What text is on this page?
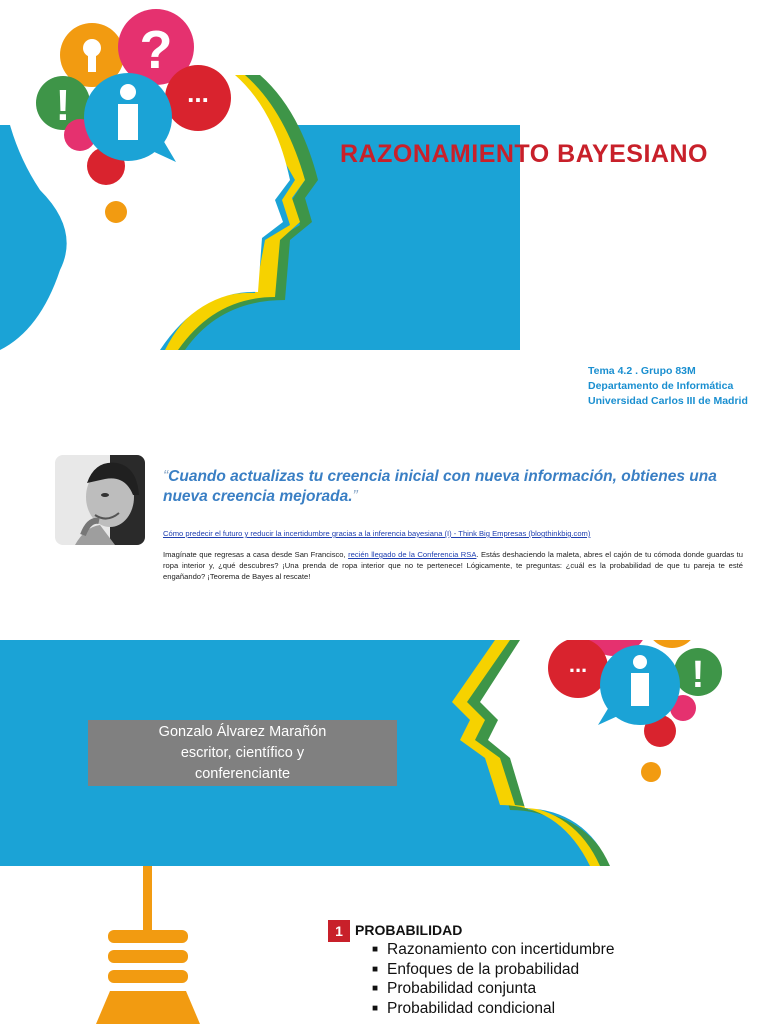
?
!	...
RAZONAMIENTO BAYESIANO
Tema 4.2 . Grupo 83M
Departamento de Informática
Universidad Carlos III de Madrid
“Cuando actualizas tu creencia inicial con nueva información, obtienes una nueva creencia mejorada.”
Cómo predecir el futuro y reducir la incertidumbre gracias a la inferencia bayesiana (I) - Think Big Empresas (blogthinkbig.com)
Imagínate que regresas a casa desde San Francisco, recién llegado de la Conferencia RSA. Estás deshaciendo la maleta, abres el cajón de tu cómoda donde guardas tu ropa interior y, ¿qué descubres? ¡Una prenda de ropa interior que no te pertenece! Lógicamente, te preguntas: ¿cuál es la probabilidad de que tu pareja te esté engañando? ¡Teorema de Bayes al rescate!
!
...
Gonzalo Álvarez Marañón
escritor, científico y
conferenciante
1 PROBABILIDAD
■ Razonamiento con incertidumbre
■ Enfoques de la probabilidad
■ Probabilidad conjunta
■ Probabilidad condicional
